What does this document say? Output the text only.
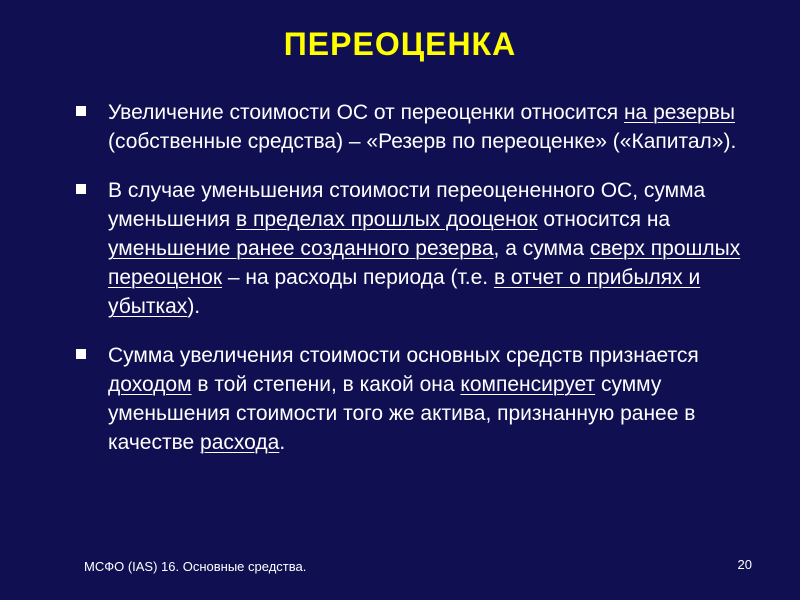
ПЕРЕОЦЕНКА
Увеличение стоимости ОС от переоценки относится на резервы (собственные средства) – «Резерв по переоценке» («Капитал»).
В случае уменьшения стоимости переоцененного ОС, сумма уменьшения в пределах прошлых дооценок относится на уменьшение ранее созданного резерва, а сумма сверх прошлых переоценок – на расходы периода (т.е. в отчет о прибылях и убытках).
Сумма увеличения стоимости основных средств признается доходом в той степени, в какой она компенсирует сумму уменьшения стоимости того же актива, признанную ранее в качестве расхода.
МСФО (IAS) 16. Основные средства.	20
